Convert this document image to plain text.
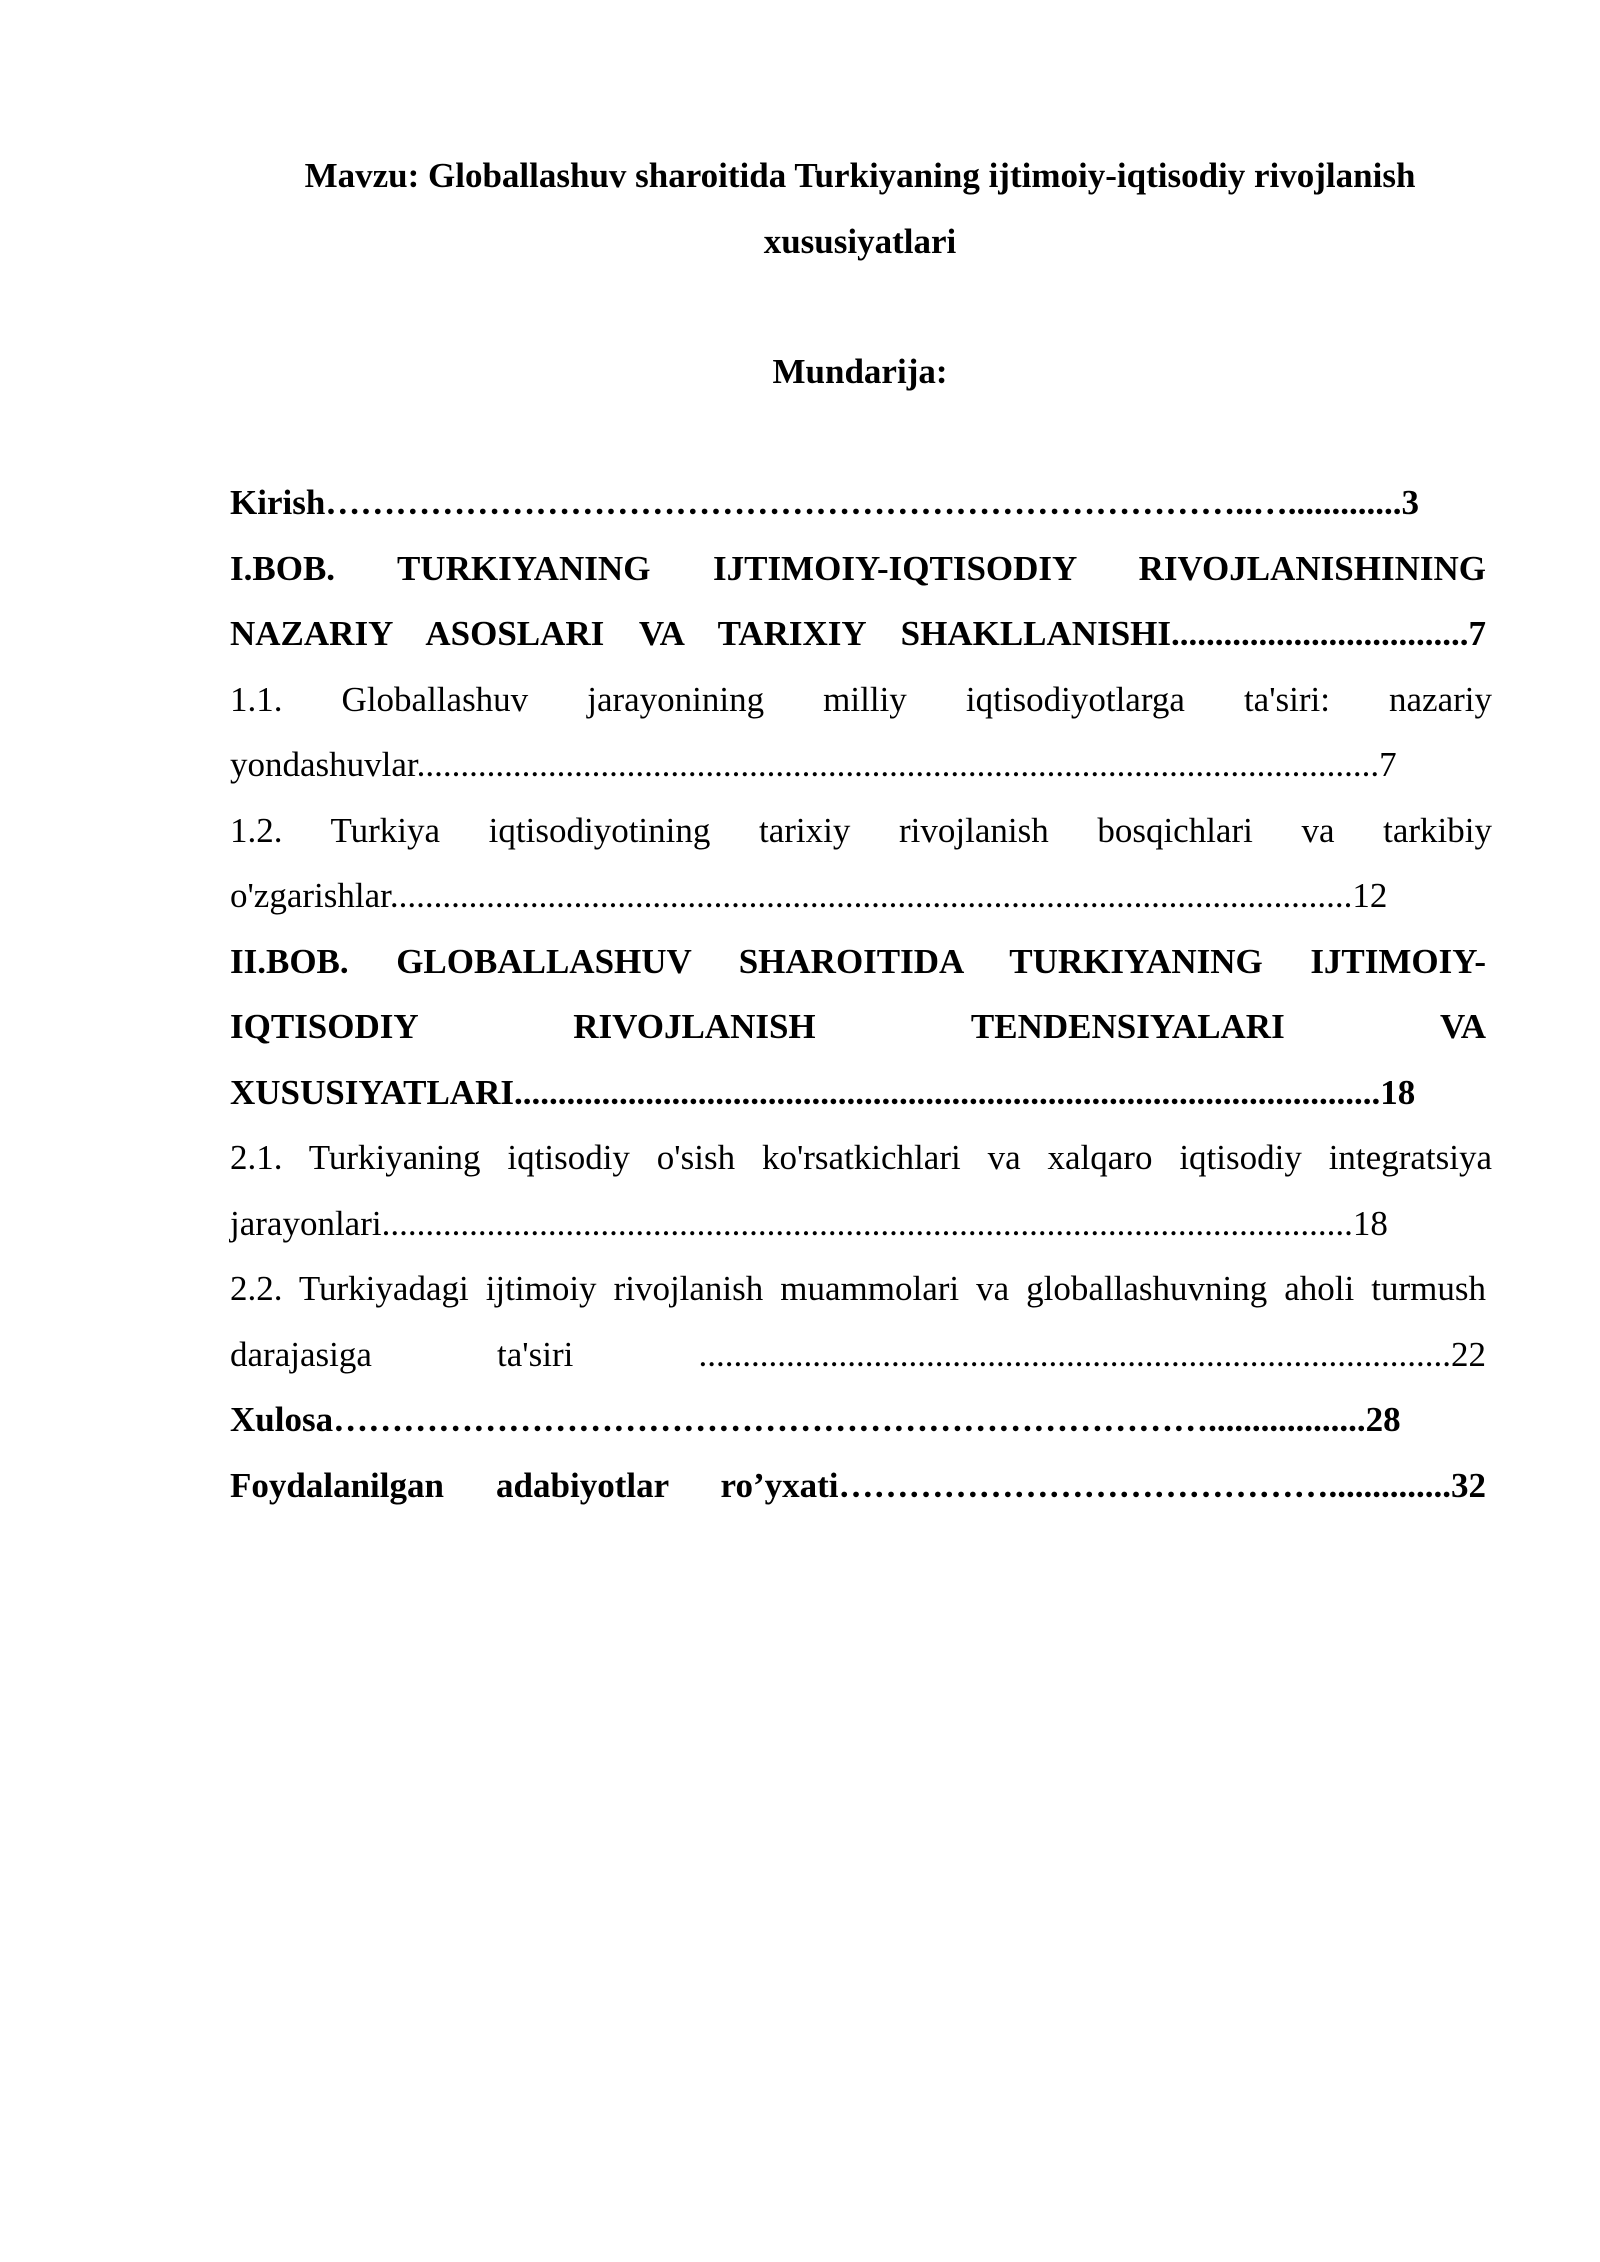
Mavzu: Globallashuv sharoitida Turkiyaning ijtimoiy-iqtisodiy rivojlanish
xususiyatlari
Mundarija:
Kirish……………………………………………………………………..….............3
I.BOB. TURKIYANING IJTIMOIY-IQTISODIY RIVOJLANISHINING NAZARIY ASOSLARI VA TARIXIY SHAKLLANISHI..................................7
1.1. Globallashuv jarayonining milliy iqtisodiyotlarga ta'siri: nazariy yondashuvlar..............................................................................................................7
1.2. Turkiya iqtisodiyotining tarixiy rivojlanish bosqichlari va tarkibiy o'zgarishlar..............................................................................................................12
II.BOB. GLOBALLASHUV SHAROITIDA TURKIYANING IJTIMOIY-IQTISODIY RIVOJLANISH TENDENSIYALARI VA XUSUSIYATLARI...................................................................................................18
2.1. Turkiyaning iqtisodiy o'sish ko'rsatkichlari va xalqaro iqtisodiy integratsiya jarayonlari...............................................................................................................18
2.2. Turkiyadagi ijtimoiy rivojlanish muammolari va globallashuvning aholi turmush darajasiga ta'siri ......................................................................................22
Xulosa…………………………………………………………………..................28
Foydalanilgan adabiyotlar ro’yxati……………………………………..............32
